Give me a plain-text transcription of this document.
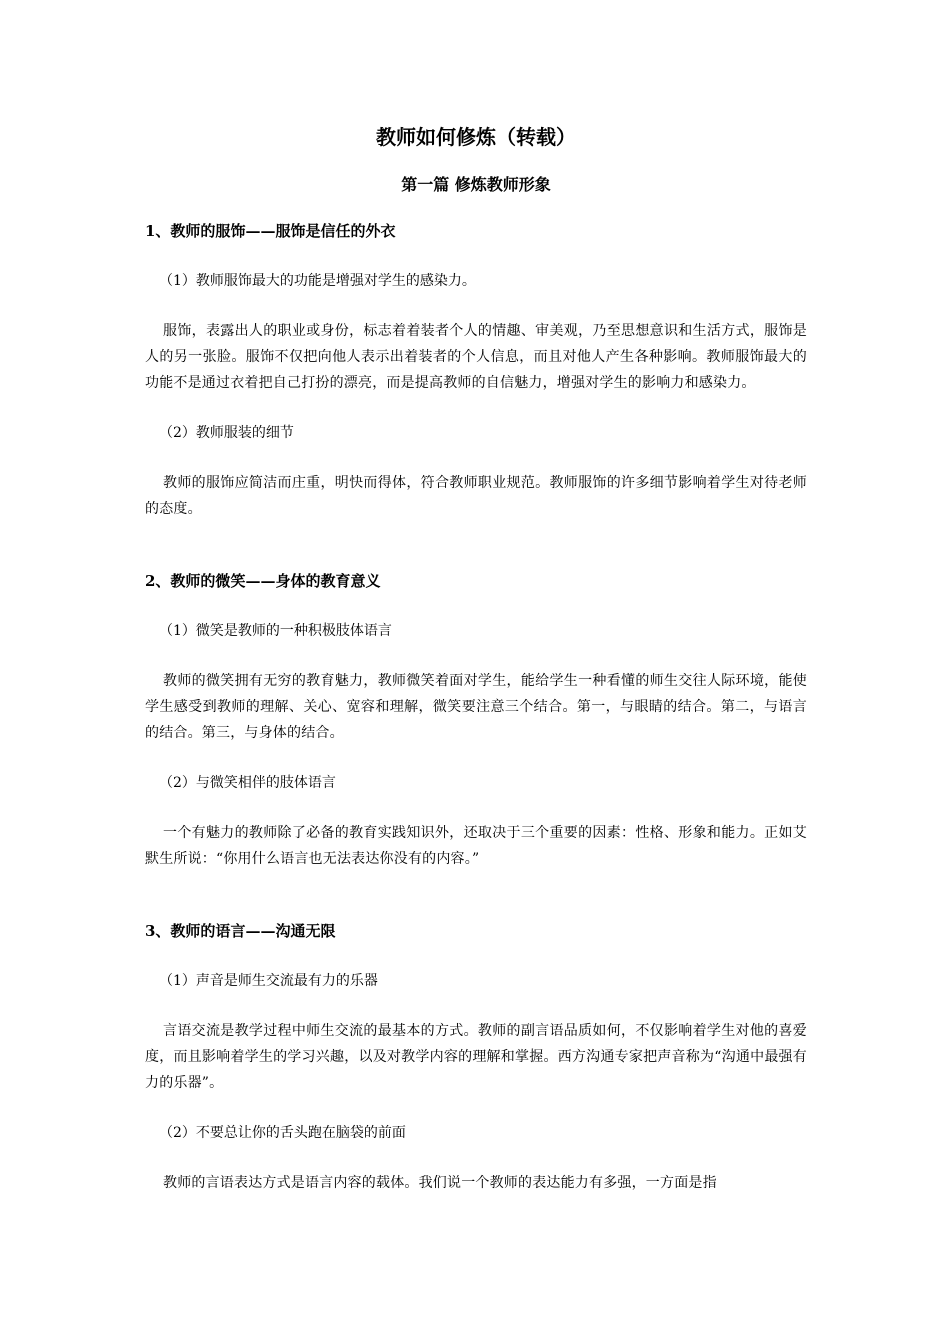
教师如何修炼（转载）
第一篇 修炼教师形象
1、教师的服饰——服饰是信任的外衣

（1）教师服饰最大的功能是增强对学生的感染力。

服饰，表露出人的职业或身份，标志着着装者个人的情趣、审美观，乃至思想意识和生活方式，服饰是人的另一张脸。服饰不仅把向他人表示出着装者的个人信息，而且对他人产生各种影响。教师服饰最大的功能不是通过衣着把自己打扮的漂亮，而是提高教师的自信魅力，增强对学生的影响力和感染力。

（2）教师服装的细节

教师的服饰应简洁而庄重，明快而得体，符合教师职业规范。教师服饰的许多细节影响着学生对待老师的态度。

2、教师的微笑——身体的教育意义

（1）微笑是教师的一种积极肢体语言

教师的微笑拥有无穷的教育魅力，教师微笑着面对学生，能给学生一种看懂的师生交往人际环境，能使学生感受到教师的理解、关心、宽容和理解，微笑要注意三个结合。第一，与眼睛的结合。第二，与语言的结合。第三，与身体的结合。

（2）与微笑相伴的肢体语言

一个有魅力的教师除了必备的教育实践知识外，还取决于三个重要的因素：性格、形象和能力。正如艾默生所说：“你用什么语言也无法表达你没有的内容。”

3、教师的语言——沟通无限

（1）声音是师生交流最有力的乐器

言语交流是教学过程中师生交流的最基本的方式。教师的副言语品质如何，不仅影响着学生对他的喜爱度，而且影响着学生的学习兴趣，以及对教学内容的理解和掌握。西方沟通专家把声音称为“沟通中最强有力的乐器”。

（2）不要总让你的舌头跑在脑袋的前面

教师的言语表达方式是语言内容的载体。我们说一个教师的表达能力有多强，一方面是指
